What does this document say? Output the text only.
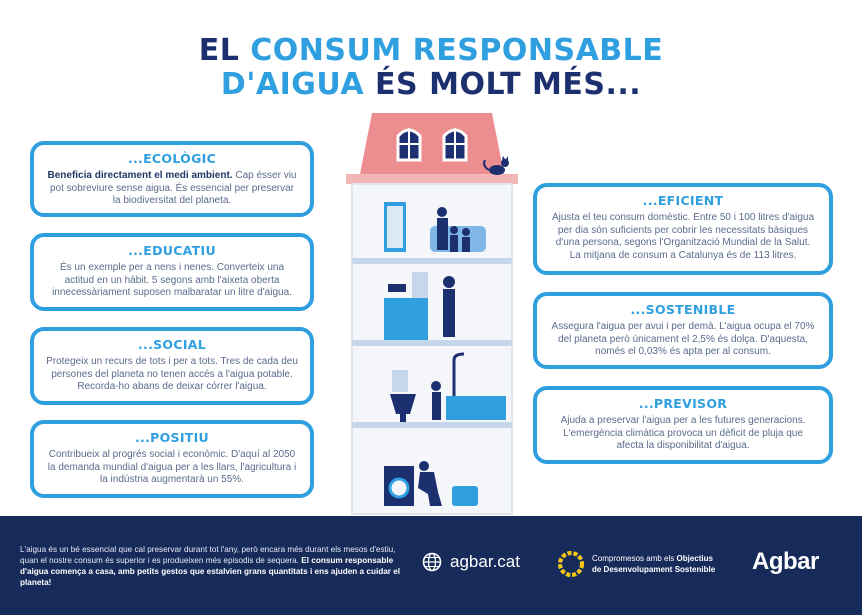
EL CONSUM RESPONSABLE
D'AIGUA ÉS MOLT MÉS...
...ECOLÒGIC

Beneficia directament el medi ambient. Cap ésser viu pot sobreviure sense aigua. És essencial per preservar la biodiversitat del planeta.

...EDUCATIU

És un exemple per a nens i nenes. Converteix una actitud en un hàbit. 5 segons amb l'aixeta oberta innecessàriament suposen malbaratar un litre d'aigua.

...SOCIAL

Protegeix un recurs de tots i per a tots. Tres de cada deu persones del planeta no tenen accés a l'aigua potable. Recorda-ho abans de deixar córrer l'aigua.

...POSITIU

Contribueix al progrés social i econòmic. D'aquí al 2050 la demanda mundial d'aigua per a les llars, l'agricultura i la indústria augmentarà un 55%.

...EFICIENT

Ajusta el teu consum domèstic. Entre 50 i 100 litres d'aigua per dia són suficients per cobrir les necessitats bàsiques d'una persona, segons l'Organització Mundial de la Salut. La mitjana de consum a Catalunya és de 113 litres.

...SOSTENIBLE

Assegura l'aigua per avui i per demà. L'aigua ocupa el 70% del planeta però únicament el 2,5% és dolça. D'aquesta, només el 0,03% és apta per al consum.

...PREVISOR

Ajuda a preservar l'aigua per a les futures generacions. L'emergència climàtica provoca un dèficit de pluja que afecta la disponibilitat d'aigua.

L'aigua és un bé essencial que cal preservar durant tot l'any, però encara més durant els mesos d'estiu, quan el nostre consum és superior i es produeixen més episodis de sequera. El consum responsable d'aigua comença a casa, amb petits gestos que estalvien grans quantitats i ens ajuden a cuidar el planeta!
agbar.cat	Compromesos amb els Objectius
de Desenvolupament Sostenible Agbar
